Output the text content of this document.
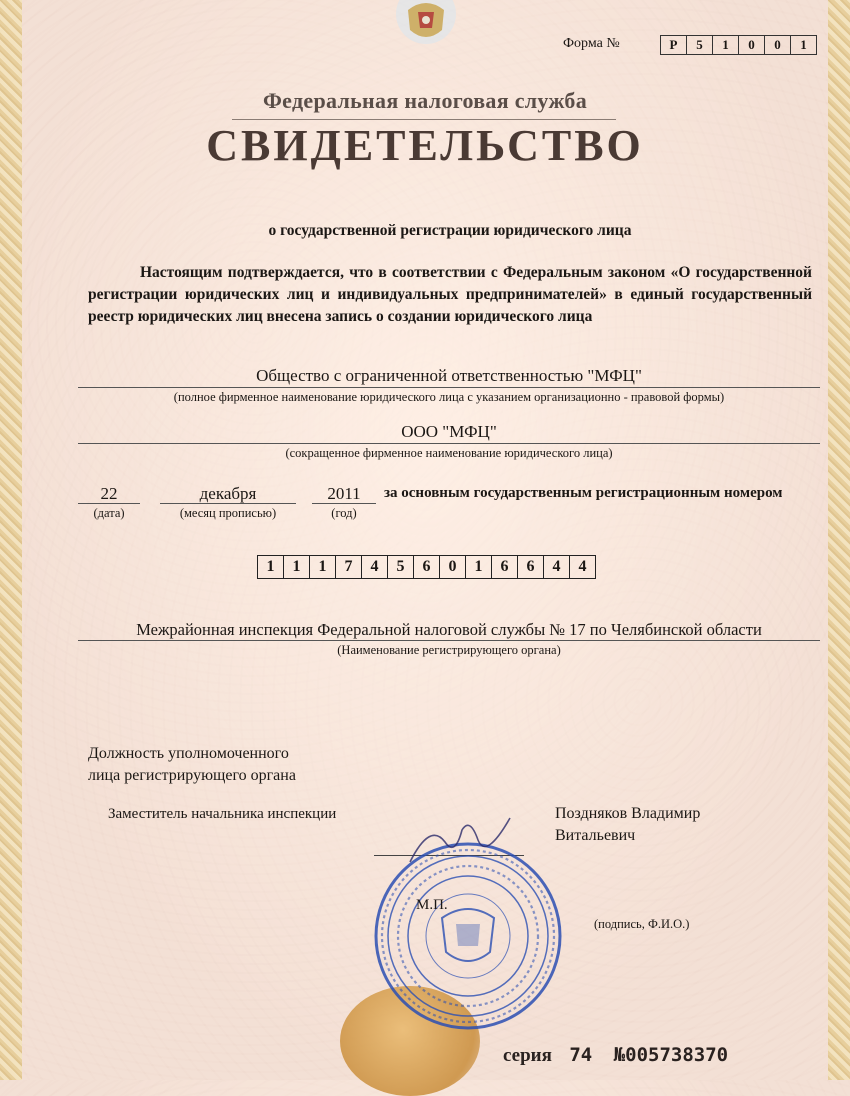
Форма №	Р	5	1	0	0	1
Федеральная налоговая служба
СВИДЕТЕЛЬСТВО
о государственной регистрации юридического лица
Настоящим подтверждается, что в соответствии с Федеральным законом «О государственной регистрации юридических лиц и индивидуальных предпринимателей» в единый государственный реестр юридических лиц внесена запись о создании юридического лица
Общество с ограниченной ответственностью "МФЦ"
(полное фирменное наименование юридического лица с указанием организационно - правовой формы)
ООО "МФЦ"
(сокращенное фирменное наименование юридического лица)
22
(дата)
декабря
(месяц прописью)
2011
(год)
за основным государственным регистрационным номером
1	1	1	7	4	5	6	0	1	6	6	4	4
Межрайонная инспекция Федеральной налоговой службы № 17 по Челябинской области
(Наименование регистрирующего органа)
Должность уполномоченного
лица регистрирующего органа
Заместитель начальника инспекции	Поздняков Владимир
Витальевич
М.П.
(подпись, Ф.И.О.)
серия 74 №005738370
